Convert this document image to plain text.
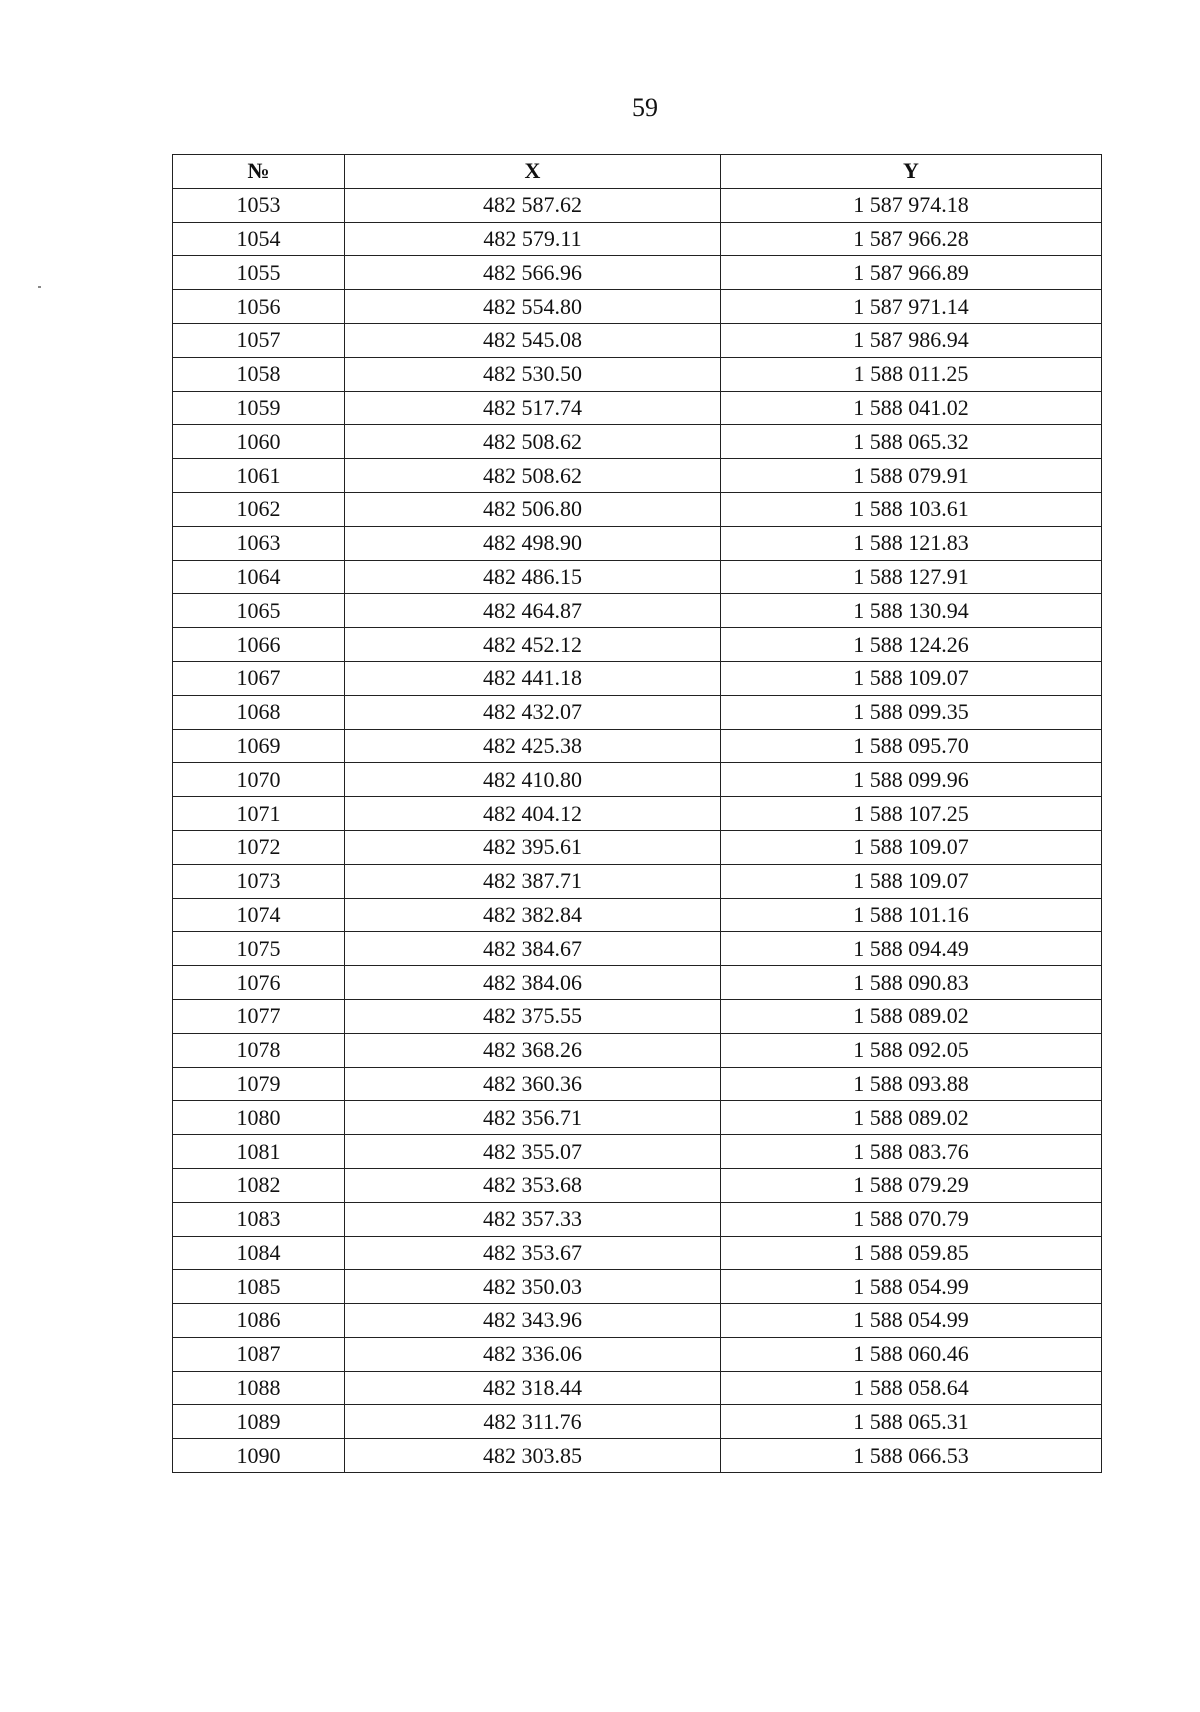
59
№	X	Y
1053	482 587.62	1 587 974.18
1054	482 579.11	1 587 966.28
1055	482 566.96	1 587 966.89
1056	482 554.80	1 587 971.14
1057	482 545.08	1 587 986.94
1058	482 530.50	1 588 011.25
1059	482 517.74	1 588 041.02
1060	482 508.62	1 588 065.32
1061	482 508.62	1 588 079.91
1062	482 506.80	1 588 103.61
1063	482 498.90	1 588 121.83
1064	482 486.15	1 588 127.91
1065	482 464.87	1 588 130.94
1066	482 452.12	1 588 124.26
1067	482 441.18	1 588 109.07
1068	482 432.07	1 588 099.35
1069	482 425.38	1 588 095.70
1070	482 410.80	1 588 099.96
1071	482 404.12	1 588 107.25
1072	482 395.61	1 588 109.07
1073	482 387.71	1 588 109.07
1074	482 382.84	1 588 101.16
1075	482 384.67	1 588 094.49
1076	482 384.06	1 588 090.83
1077	482 375.55	1 588 089.02
1078	482 368.26	1 588 092.05
1079	482 360.36	1 588 093.88
1080	482 356.71	1 588 089.02
1081	482 355.07	1 588 083.76
1082	482 353.68	1 588 079.29
1083	482 357.33	1 588 070.79
1084	482 353.67	1 588 059.85
1085	482 350.03	1 588 054.99
1086	482 343.96	1 588 054.99
1087	482 336.06	1 588 060.46
1088	482 318.44	1 588 058.64
1089	482 311.76	1 588 065.31
1090	482 303.85	1 588 066.53
